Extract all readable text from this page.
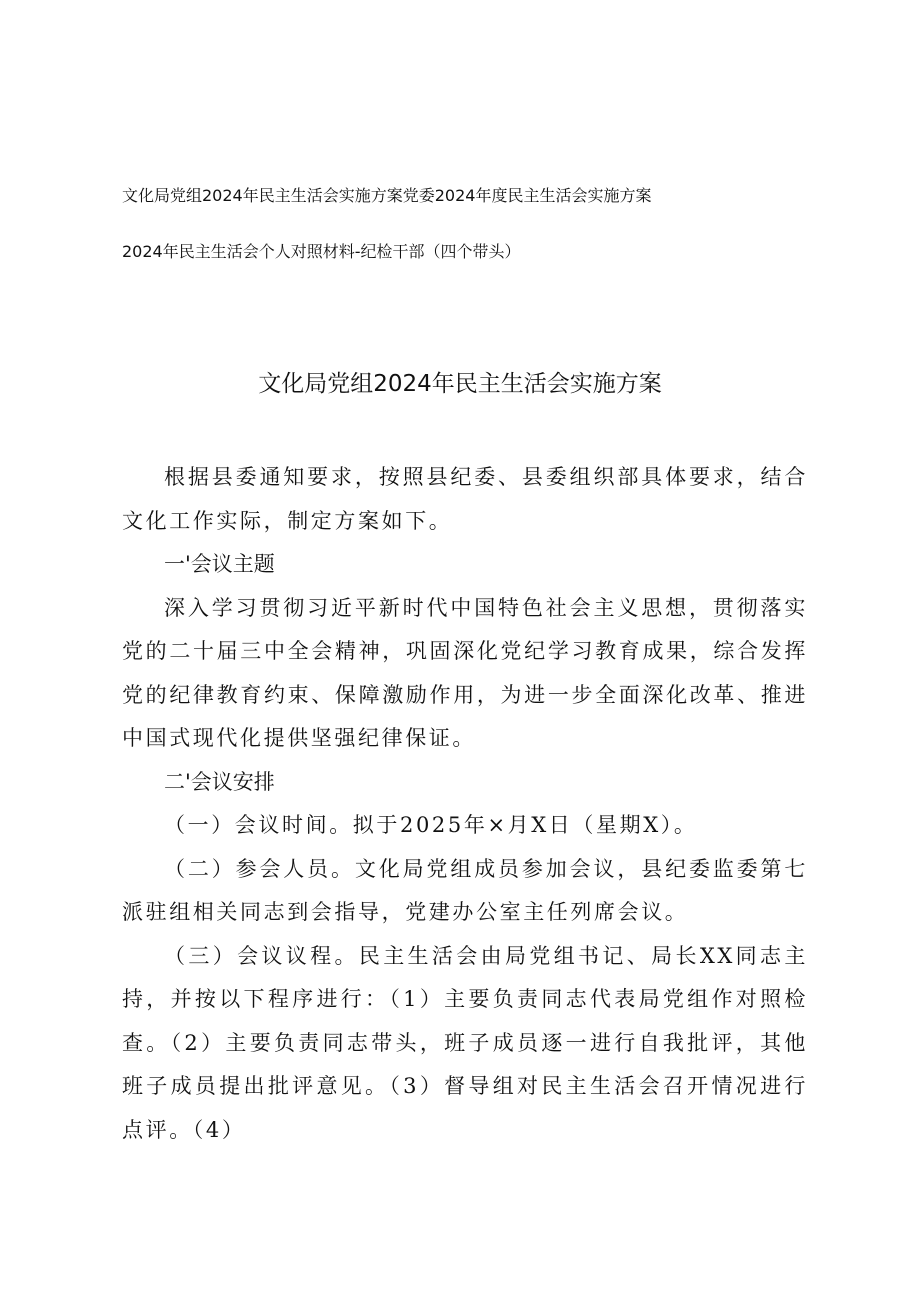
文化局党组2024年民主生活会实施方案党委2024年度民主生活会实施方案
2024年民主生活会个人对照材料-纪检干部（四个带头）
文化局党组2024年民主生活会实施方案

根据县委通知要求，按照县纪委、县委组织部具体要求，结合文化工作实际，制定方案如下。

一'会议主题

深入学习贯彻习近平新时代中国特色社会主义思想，贯彻落实党的二十届三中全会精神，巩固深化党纪学习教育成果，综合发挥党的纪律教育约束、保障激励作用，为进一步全面深化改革、推进中国式现代化提供坚强纪律保证。

二'会议安排

（一）会议时间。拟于2025年×月X日（星期X）。

（二）参会人员。文化局党组成员参加会议，县纪委监委第七派驻组相关同志到会指导，党建办公室主任列席会议。

（三）会议议程。民主生活会由局党组书记、局长XX同志主持，并按以下程序进行：（1）主要负责同志代表局党组作对照检查。（2）主要负责同志带头，班子成员逐一进行自我批评，其他班子成员提出批评意见。（3）督导组对民主生活会召开情况进行点评。（4）
